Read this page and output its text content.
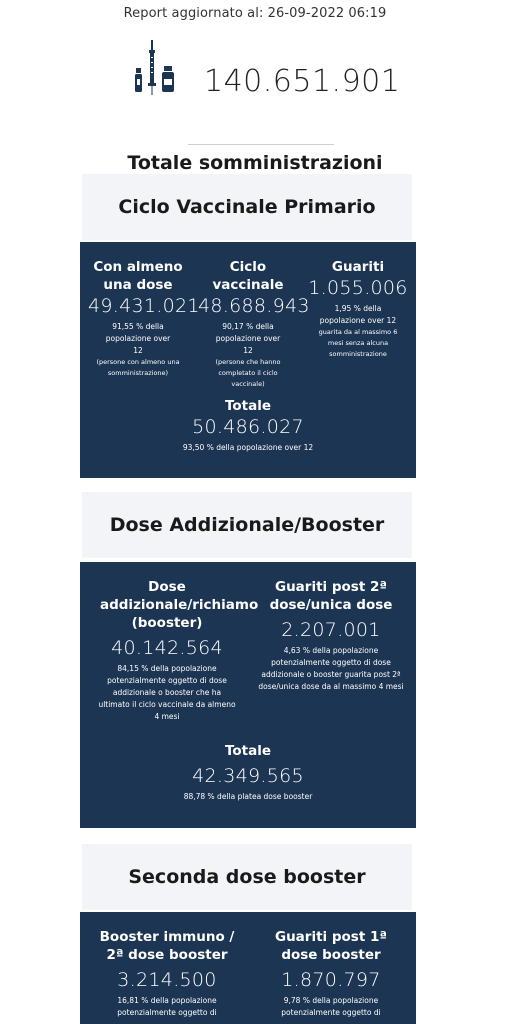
Report aggiornato al: 26-09-2022 06:19
140.651.901
Totale somministrazioni
Ciclo Vaccinale Primario
Con almeno una dose
49.431.021
91,55 % della popolazione over 12
(persone con almeno una somministrazione)
Ciclo vaccinale
48.688.943
90,17 % della popolazione over 12
(persone che hanno completato il ciclo vaccinale)
Guariti
1.055.006
1,95 % della popolazione over 12
guarita da al massimo 6 mesi senza alcuna somministrazione
Totale
50.486.027
93,50 % della popolazione over 12
Dose Addizionale/Booster
Dose addizionale/richiamo (booster)
40.142.564
84,15 % della popolazione potenzialmente oggetto di dose addizionale o booster che ha ultimato il ciclo vaccinale da almeno 4 mesi
Guariti post 2ª dose/unica dose
2.207.001
4,63 % della popolazione potenzialmente oggetto di dose addizionale o booster guarita post 2ª dose/unica dose da al massimo 4 mesi
Totale
42.349.565
88,78 % della platea dose booster
Seconda dose booster
Booster immuno / 2ª dose booster
3.214.500
16,81 % della popolazione potenzialmente oggetto di
Guariti post 1ª dose booster
1.870.797
9,78 % della popolazione potenzialmente oggetto di
